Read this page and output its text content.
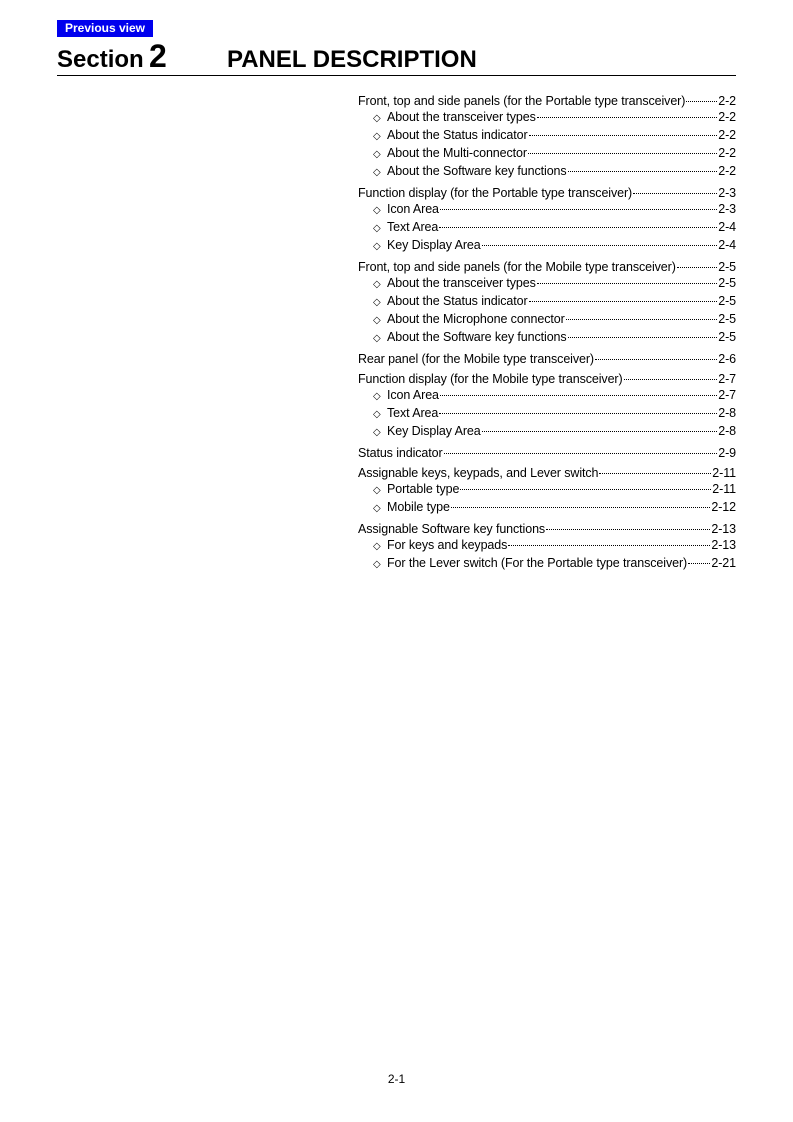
Previous view
Section 2	PANEL DESCRIPTION
Front, top and side panels (for the Portable type transceiver)	2-2
◇ About the transceiver types	2-2
◇ About the Status indicator	2-2
◇ About the Multi-connector	2-2
◇ About the Software key functions	2-2
Function display (for the Portable type transceiver)	2-3
◇ Icon Area	2-3
◇ Text Area	2-4
◇ Key Display Area	2-4
Front, top and side panels (for the Mobile type transceiver)	2-5
◇ About the transceiver types	2-5
◇ About the Status indicator	2-5
◇ About the Microphone connector	2-5
◇ About the Software key functions	2-5
Rear panel (for the Mobile type transceiver)	2-6
Function display (for the Mobile type transceiver)	2-7
◇ Icon Area	2-7
◇ Text Area	2-8
◇ Key Display Area	2-8
Status indicator	2-9
Assignable keys, keypads, and Lever switch	2-11
◇ Portable type	2-11
◇ Mobile type	2-12
Assignable Software key functions	2-13
◇ For keys and keypads	2-13
◇ For the Lever switch (For the Portable type transceiver) 2-21
2-1
